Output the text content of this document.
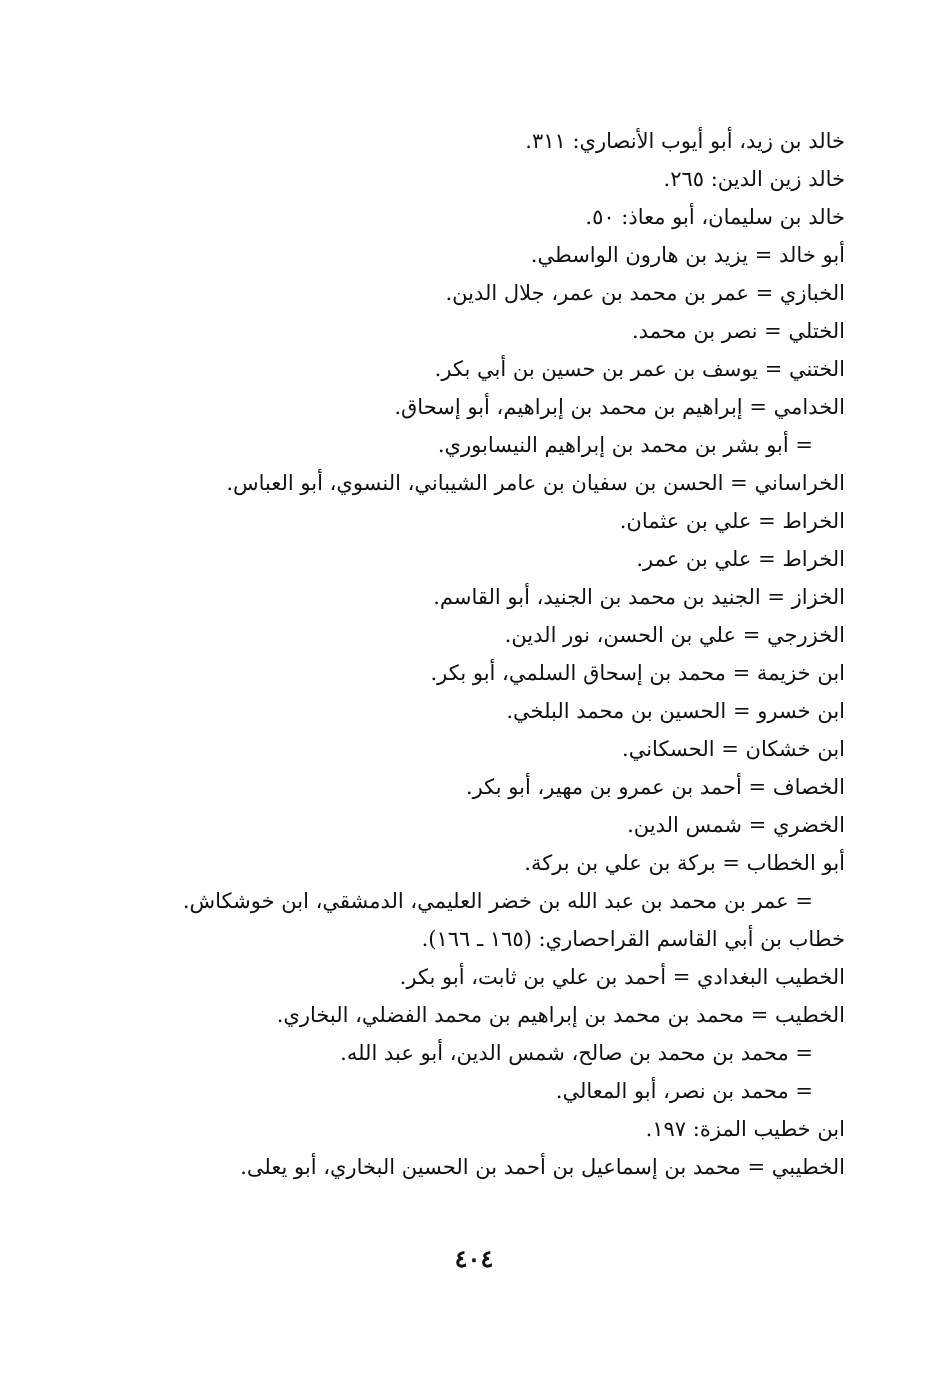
خالد بن زيد، أبو أيوب الأنصاري: ٣١١.
خالد زين الدين: ٢٦٥.
خالد بن سليمان، أبو معاذ: ٥٠.
أبو خالد = يزيد بن هارون الواسطي.
الخبازي = عمر بن محمد بن عمر، جلال الدين.
الختلي = نصر بن محمد.
الختني = يوسف بن عمر بن حسين بن أبي بكر.
الخدامي = إبراهيم بن محمد بن إبراهيم، أبو إسحاق.
= أبو بشر بن محمد بن إبراهيم النيسابوري.
الخراساني = الحسن بن سفيان بن عامر الشيباني، النسوي، أبو العباس.
الخراط = علي بن عثمان.
الخراط = علي بن عمر.
الخزاز = الجنيد بن محمد بن الجنيد، أبو القاسم.
الخزرجي = علي بن الحسن، نور الدين.
ابن خزيمة = محمد بن إسحاق السلمي، أبو بكر.
ابن خسرو = الحسين بن محمد البلخي.
ابن خشكان = الحسكاني.
الخصاف = أحمد بن عمرو بن مهير، أبو بكر.
الخضري = شمس الدين.
أبو الخطاب = بركة بن علي بن بركة.
= عمر بن محمد بن عبد الله بن خضر العليمي، الدمشقي، ابن خوشكاش.
خطاب بن أبي القاسم القراحصاري: (١٦٥ ـ ١٦٦).
الخطيب البغدادي = أحمد بن علي بن ثابت، أبو بكر.
الخطيب = محمد بن محمد بن إبراهيم بن محمد الفضلي، البخاري.
= محمد بن محمد بن صالح، شمس الدين، أبو عبد الله.
= محمد بن نصر، أبو المعالي.
ابن خطيب المزة: ١٩٧.
الخطيبي = محمد بن إسماعيل بن أحمد بن الحسين البخاري، أبو يعلى.
٤٠٤
